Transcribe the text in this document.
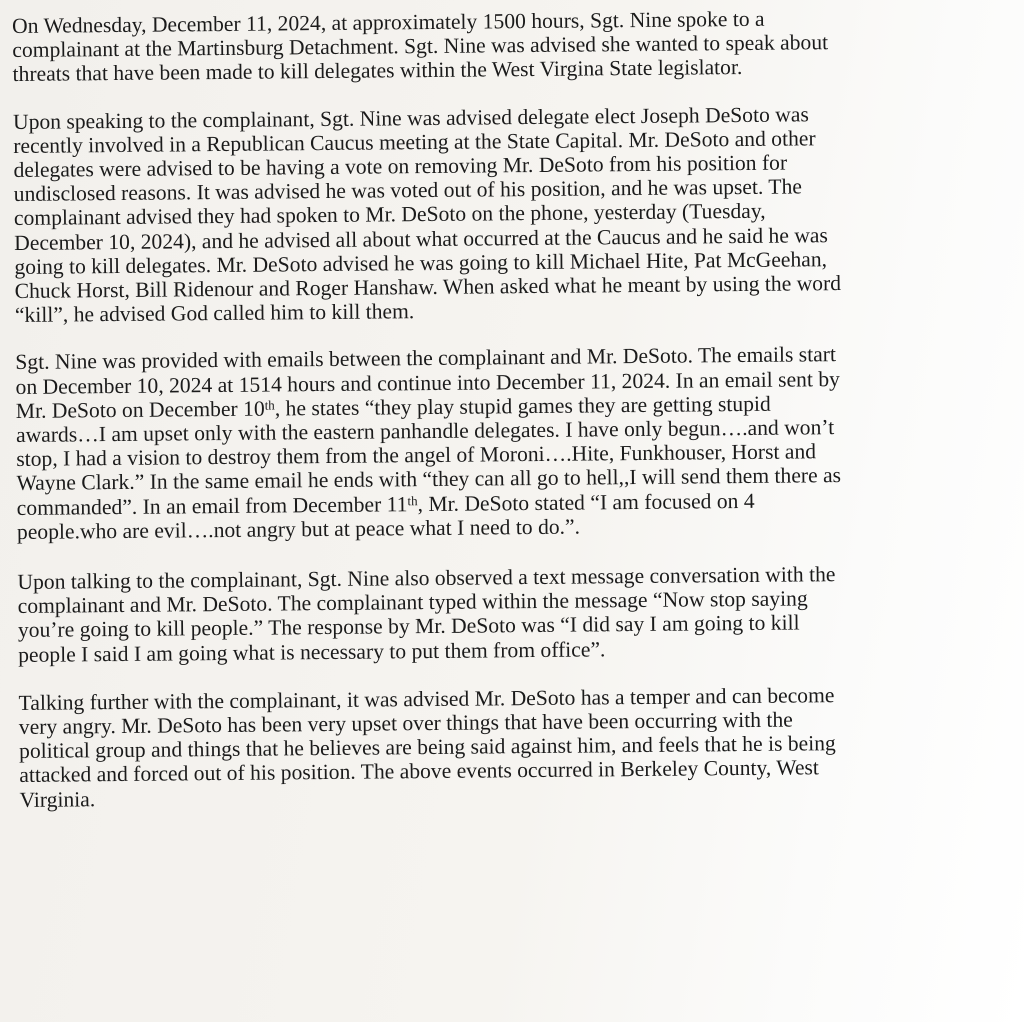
On Wednesday, December 11, 2024, at approximately 1500 hours, Sgt. Nine spoke to a
complainant at the Martinsburg Detachment. Sgt. Nine was advised she wanted to speak about
threats that have been made to kill delegates within the West Virgina State legislator.

Upon speaking to the complainant, Sgt. Nine was advised delegate elect Joseph DeSoto was
recently involved in a Republican Caucus meeting at the State Capital. Mr. DeSoto and other
delegates were advised to be having a vote on removing Mr. DeSoto from his position for
undisclosed reasons. It was advised he was voted out of his position, and he was upset. The
complainant advised they had spoken to Mr. DeSoto on the phone, yesterday (Tuesday,
December 10, 2024), and he advised all about what occurred at the Caucus and he said he was
going to kill delegates. Mr. DeSoto advised he was going to kill Michael Hite, Pat McGeehan,
Chuck Horst, Bill Ridenour and Roger Hanshaw. When asked what he meant by using the word
“kill”, he advised God called him to kill them.

Sgt. Nine was provided with emails between the complainant and Mr. DeSoto. The emails start
on December 10, 2024 at 1514 hours and continue into December 11, 2024. In an email sent by
Mr. DeSoto on December 10th, he states “they play stupid games they are getting stupid
awards…I am upset only with the eastern panhandle delegates. I have only begun….and won’t
stop, I had a vision to destroy them from the angel of Moroni….Hite, Funkhouser, Horst and
Wayne Clark.” In the same email he ends with “they can all go to hell,,I will send them there as
commanded”. In an email from December 11th, Mr. DeSoto stated “I am focused on 4
people.who are evil….not angry but at peace what I need to do.”.

Upon talking to the complainant, Sgt. Nine also observed a text message conversation with the
complainant and Mr. DeSoto. The complainant typed within the message “Now stop saying
you’re going to kill people.” The response by Mr. DeSoto was “I did say I am going to kill
people I said I am going what is necessary to put them from office”.

Talking further with the complainant, it was advised Mr. DeSoto has a temper and can become
very angry. Mr. DeSoto has been very upset over things that have been occurring with the
political group and things that he believes are being said against him, and feels that he is being
attacked and forced out of his position. The above events occurred in Berkeley County, West
Virginia.
